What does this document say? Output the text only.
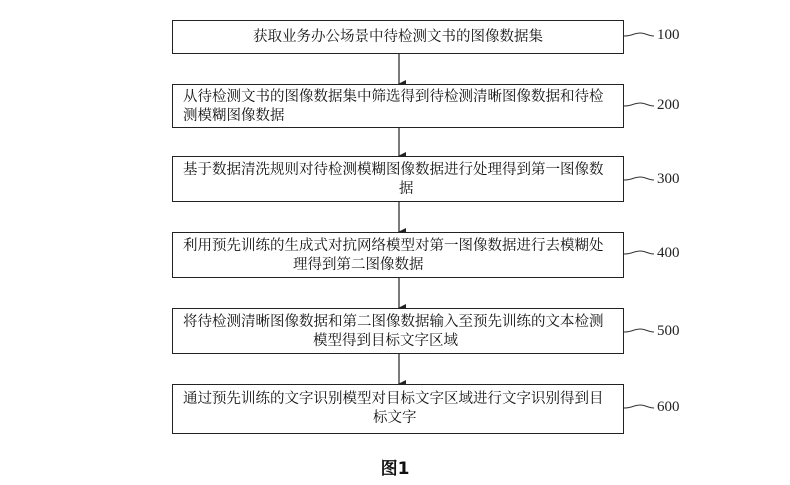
获取业务办公场景中待检测文书的图像数据集	100
从待检测文书的图像数据集中筛选得到待检测清晰图像数据和待检
测模糊图像数据
200
基于数据清洗规则对待检测模糊图像数据进行处理得到第一图像数
据
300
利用预先训练的生成式对抗网络模型对第一图像数据进行去模糊处
理得到第二图像数据
400
将待检测清晰图像数据和第二图像数据输入至预先训练的文本检测
模型得到目标文字区域
500
通过预先训练的文字识别模型对目标文字区域进行文字识别得到目
标文字
600
图1
